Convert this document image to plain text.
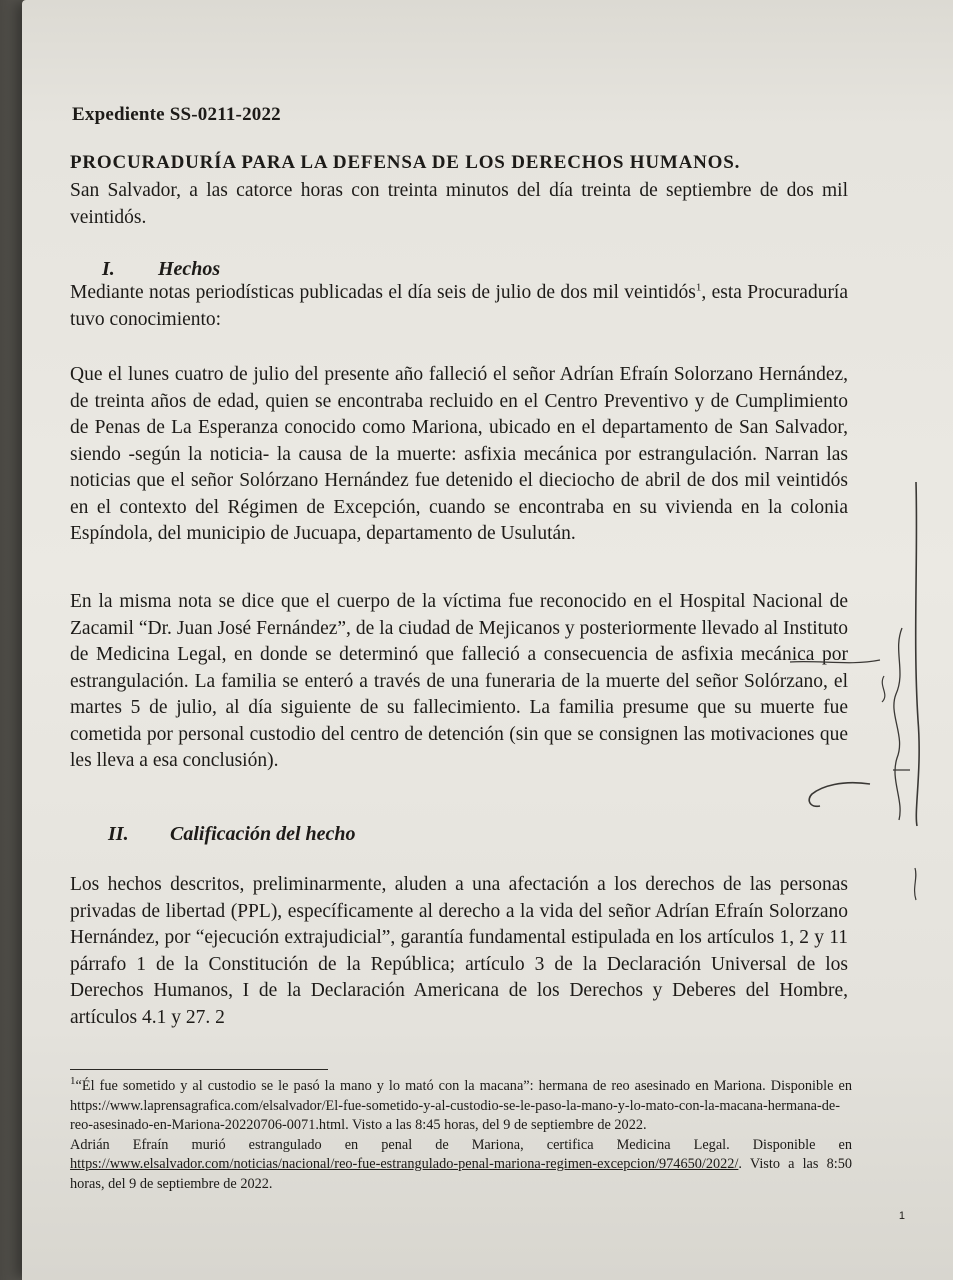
Expediente SS-0211-2022
PROCURADURÍA PARA LA DEFENSA DE LOS DERECHOS HUMANOS.
San Salvador, a las catorce horas con treinta minutos del día treinta de septiembre de dos mil veintidós.
I. Hechos
Mediante notas periodísticas publicadas el día seis de julio de dos mil veintidós$^1$, esta Procuraduría tuvo conocimiento:
Que el lunes cuatro de julio del presente año falleció el señor Adrían Efraín Solorzano Hernández, de treinta años de edad, quien se encontraba recluido en el Centro Preventivo y de Cumplimiento de Penas de La Esperanza conocido como Mariona, ubicado en el departamento de San Salvador, siendo -según la noticia- la causa de la muerte: asfixia mecánica por estrangulación. Narran las noticias que el señor Solórzano Hernández fue detenido el dieciocho de abril de dos mil veintidós en el contexto del Régimen de Excepción, cuando se encontraba en su vivienda en la colonia Espíndola, del municipio de Jucuapa, departamento de Usulután.
En la misma nota se dice que el cuerpo de la víctima fue reconocido en el Hospital Nacional de Zacamil “Dr. Juan José Fernández”, de la ciudad de Mejicanos y posteriormente llevado al Instituto de Medicina Legal, en donde se determinó que falleció a consecuencia de asfixia mecánica por estrangulación. La familia se enteró a través de una funeraria de la muerte del señor Solórzano, el martes 5 de julio, al día siguiente de su fallecimiento. La familia presume que su muerte fue cometida por personal custodio del centro de detención (sin que se consignen las motivaciones que les lleva a esa conclusión).
II. Calificación del hecho
Los hechos descritos, preliminarmente, aluden a una afectación a los derechos de las personas privadas de libertad (PPL), específicamente al derecho a la vida del señor Adrían Efraín Solorzano Hernández, por “ejecución extrajudicial”, garantía fundamental estipulada en los artículos 1, 2 y 11 párrafo 1 de la Constitución de la República; artículo 3 de la Declaración Universal de los Derechos Humanos, I de la Declaración Americana de los Derechos y Deberes del Hombre, artículos 4.1 y 27. 2

$^1$“Él fue sometido y al custodio se le pasó la mano y lo mató con la macana”: hermana de reo asesinado en Mariona. Disponible en https://www.laprensagrafica.com/elsalvador/El-fue-sometido-y-al-custodio-se-le-paso-la-mano-y-lo-mato-con-la-macana-hermana-de-reo-asesinado-en-Mariona-20220706-0071.html. Visto a las 8:45 horas, del 9 de septiembre de 2022.

Adrián Efraín murió estrangulado en penal de Mariona, certifica Medicina Legal. Disponible en https://www.elsalvador.com/noticias/nacional/reo-fue-estrangulado-penal-mariona-regimen-excepcion/974650/2022/. Visto a las 8:50 horas, del 9 de septiembre de 2022.

1
